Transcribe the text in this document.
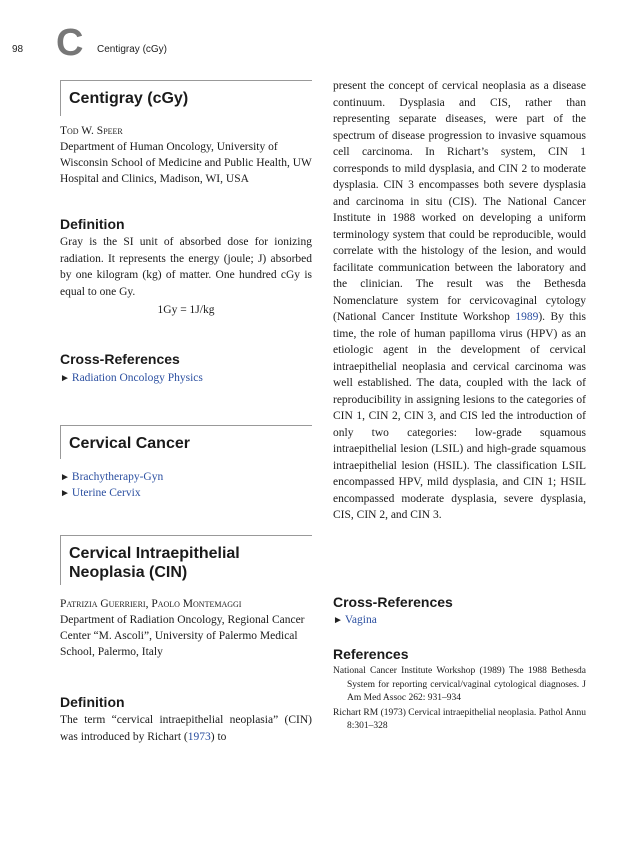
98 C Centigray (cGy)
Centigray (cGy)
Tod W. Speer
Department of Human Oncology, University of Wisconsin School of Medicine and Public Health, UW Hospital and Clinics, Madison, WI, USA
Definition
Gray is the SI unit of absorbed dose for ionizing radiation. It represents the energy (joule; J) absorbed by one kilogram (kg) of matter. One hundred cGy is equal to one Gy.
1Gy = 1J/kg
Cross-References
► Radiation Oncology Physics
Cervical Cancer
► Brachytherapy-Gyn
► Uterine Cervix
Cervical Intraepithelial
Neoplasia (CIN)
Patrizia Guerrieri, Paolo Montemaggi
Department of Radiation Oncology, Regional Cancer Center “M. Ascoli”, University of Palermo Medical School, Palermo, Italy
Definition
The term “cervical intraepithelial neoplasia” (CIN) was introduced by Richart (1973) to
present the concept of cervical neoplasia as a disease continuum. Dysplasia and CIS, rather than representing separate diseases, were part of the spectrum of disease progression to invasive squamous cell carcinoma. In Richart’s system, CIN 1 corresponds to mild dysplasia, and CIN 2 to moderate dysplasia. CIN 3 encompasses both severe dysplasia and carcinoma in situ (CIS). The National Cancer Institute in 1988 worked on developing a uniform terminology system that could be reproducible, would correlate with the histology of the lesion, and would facilitate communication between the laboratory and the clinician. The result was the Bethesda Nomenclature system for cervicovaginal cytology (National Cancer Institute Workshop 1989). By this time, the role of human papilloma virus (HPV) as an etiologic agent in the development of cervical intraepithelial neoplasia and cervical carcinoma was well established. The data, coupled with the lack of reproducibility in assigning lesions to the categories of CIN 1, CIN 2, CIN 3, and CIS led the introduction of only two categories: low-grade squamous intraepithelial lesion (LSIL) and high-grade squamous intraepithelial lesion (HSIL). The classification LSIL encompassed HPV, mild dysplasia, and CIN 1; HSIL encompassed moderate dysplasia, severe dysplasia, CIS, CIN 2, and CIN 3.
Cross-References
► Vagina
References
National Cancer Institute Workshop (1989) The 1988 Bethesda System for reporting cervical/vaginal cytological diagnoses. J Am Med Assoc 262: 931–934
Richart RM (1973) Cervical intraepithelial neoplasia. Pathol Annu 8:301–328
